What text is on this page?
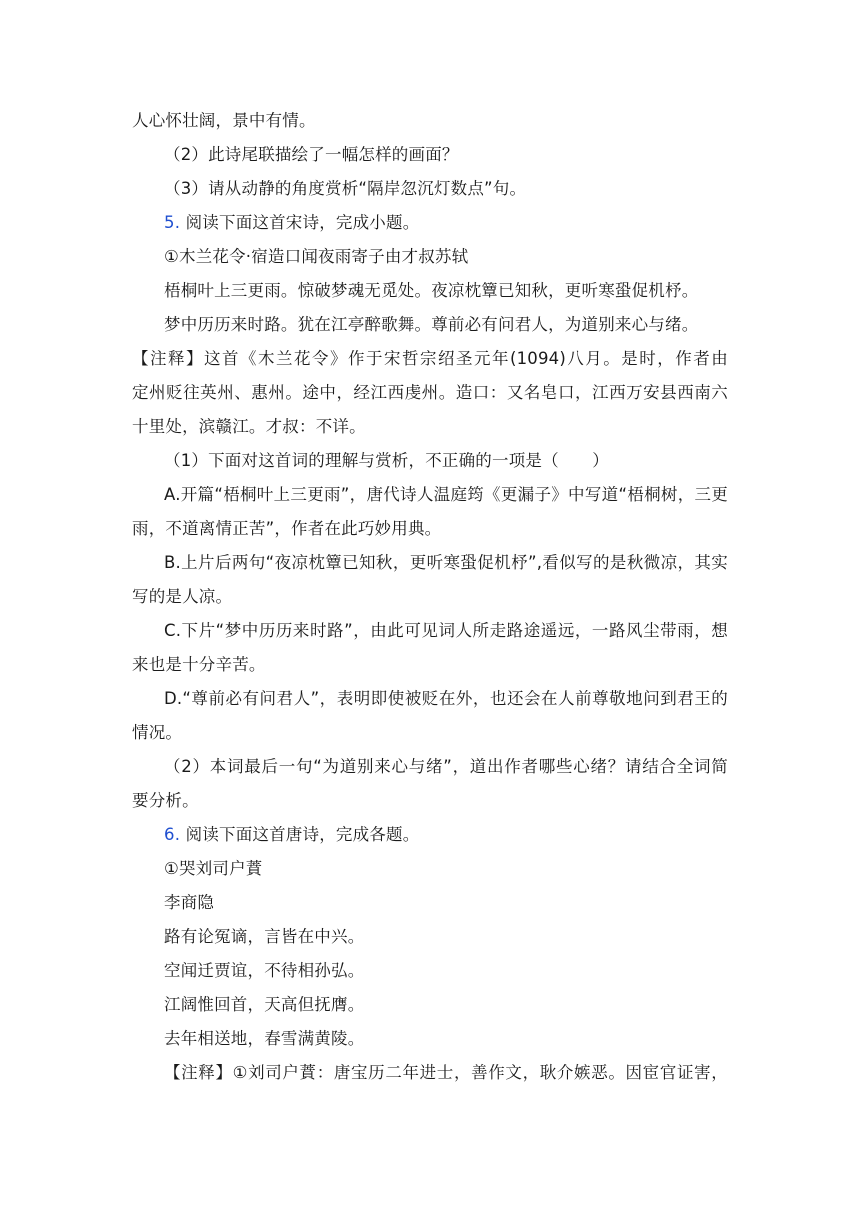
人心怀壮阔，景中有情。
（2）此诗尾联描绘了一幅怎样的画面？
（3）请从动静的角度赏析“隔岸忽沉灯数点”句。
5. 阅读下面这首宋诗，完成小题。
①木兰花令·宿造口闻夜雨寄子由才叔苏轼
梧桐叶上三更雨。惊破梦魂无觅处。夜凉枕簟已知秋，更听寒蛩促机杼。
梦中历历来时路。犹在江亭醉歌舞。尊前必有问君人，为道别来心与绪。
【注释】这首《木兰花令》作于宋哲宗绍圣元年(1094)八月。是时，作者由
定州贬往英州、惠州。途中，经江西虔州。造口：又名皂口，江西万安县西南六
十里处，滨赣江。才叔：不详。
（1）下面对这首词的理解与赏析，不正确的一项是（　　）
A.开篇“梧桐叶上三更雨”，唐代诗人温庭筠《更漏子》中写道“梧桐树，三更
雨，不道离情正苦”，作者在此巧妙用典。
B.上片后两句“夜凉枕簟已知秋，更听寒蛩促机杼”,看似写的是秋微凉，其实
写的是人凉。
C.下片“梦中历历来时路”，由此可见词人所走路途遥远，一路风尘带雨，想
来也是十分辛苦。
D.“尊前必有问君人”，表明即使被贬在外，也还会在人前尊敬地问到君王的
情况。
（2）本词最后一句“为道别来心与绪”，道出作者哪些心绪？请结合全词简
要分析。
6. 阅读下面这首唐诗，完成各题。
①哭刘司户蕡
李商隐
路有论冤谪，言皆在中兴。
空闻迁贾谊，不待相孙弘。
江阔惟回首，天高但抚膺。
去年相送地，春雪满黄陵。
【注释】①刘司户蕡：唐宝历二年进士，善作文，耿介嫉恶。因宦官证害，
